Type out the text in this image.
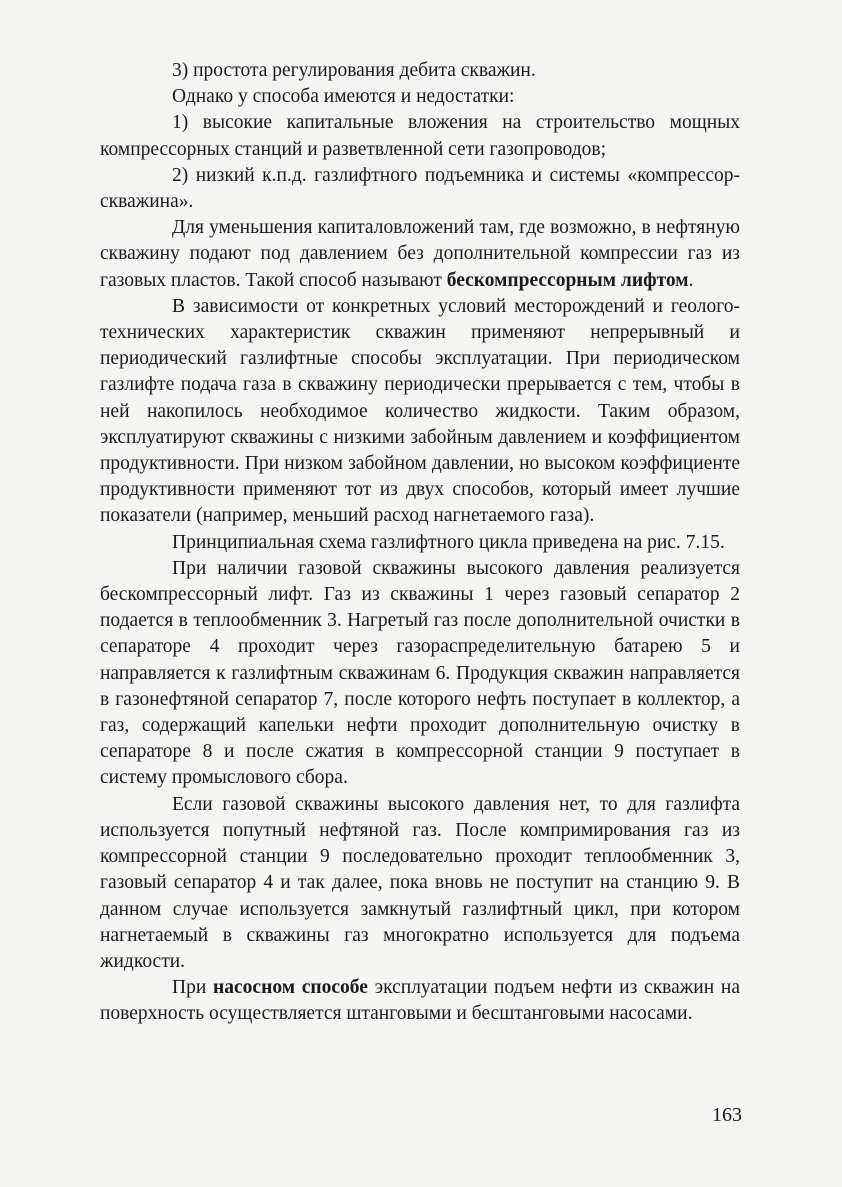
3) простота регулирования дебита скважин.

Однако у способа имеются и недостатки:

1) высокие капитальные вложения на строительство мощных компрессорных станций и разветвленной сети газопроводов;

2) низкий к.п.д. газлифтного подъемника и системы «компрессор-скважина».

Для уменьшения капиталовложений там, где возможно, в нефтяную скважину подают под давлением без дополнительной компрессии газ из газовых пластов. Такой способ называют бескомпрессорным лифтом.

В зависимости от конкретных условий месторождений и геолого-технических характеристик скважин применяют непрерывный и периодический газлифтные способы эксплуатации. При периодическом газлифте подача газа в скважину периодически прерывается с тем, чтобы в ней накопилось необходимое количество жидкости. Таким образом, эксплуатируют скважины с низкими забойным давлением и коэффициентом продуктивности. При низком забойном давлении, но высоком коэффициенте продуктивности применяют тот из двух способов, который имеет лучшие показатели (например, меньший расход нагнетаемого газа).

Принципиальная схема газлифтного цикла приведена на рис. 7.15.

При наличии газовой скважины высокого давления реализуется бескомпрессорный лифт. Газ из скважины 1 через газовый сепаратор 2 подается в теплообменник 3. Нагретый газ после дополнительной очистки в сепараторе 4 проходит через газораспределительную батарею 5 и направляется к газлифтным скважинам 6. Продукция скважин направляется в газонефтяной сепаратор 7, после которого нефть поступает в коллектор, а газ, содержащий капельки нефти проходит дополнительную очистку в сепараторе 8 и после сжатия в компрессорной станции 9 поступает в систему промыслового сбора.

Если газовой скважины высокого давления нет, то для газлифта используется попутный нефтяной газ. После компримирования газ из компрессорной станции 9 последовательно проходит теплообменник 3, газовый сепаратор 4 и так далее, пока вновь не поступит на станцию 9. В данном случае используется замкнутый газлифтный цикл, при котором нагнетаемый в скважины газ многократно используется для подъема жидкости.

При насосном способе эксплуатации подъем нефти из скважин на поверхность осуществляется штанговыми и бесштанговыми насосами.

163
